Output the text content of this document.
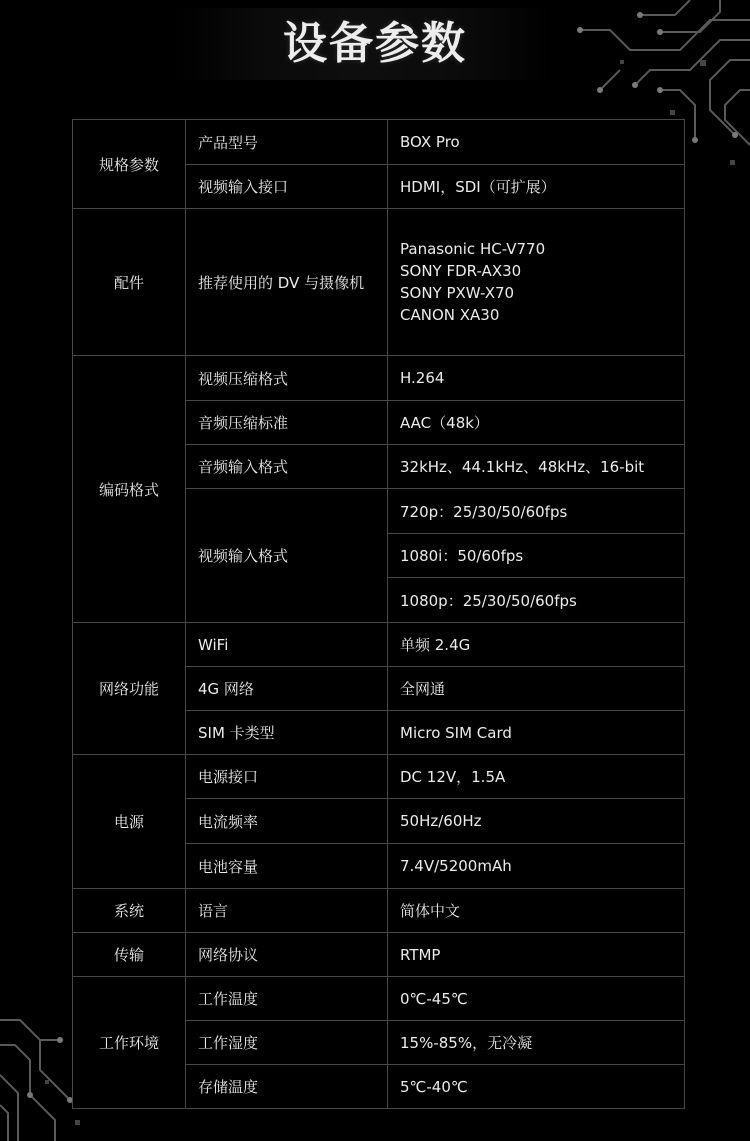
设备参数
规格参数	产品型号	BOX Pro
	视频输入接口	HDMI，SDI（可扩展）
配件	推荐使用的 DV 与摄像机	Panasonic HC-V770
SONY FDR-AX30
SONY PXW-X70
CANON XA30

编码格式	视频压缩格式	H.264
	音频压缩标准	AAC（48k）
	音频输入格式	32kHz、44.1kHz、48kHz、16-bit
	视频输入格式	720p：25/30/50/60fps
		1080i：50/60fps
		1080p：25/30/50/60fps
网络功能	WiFi	单频 2.4G
	4G 网络	全网通
	SIM 卡类型	Micro SIM Card
电源	电源接口	DC 12V，1.5A
	电流频率	50Hz/60Hz
	电池容量	7.4V/5200mAh
系统	语言	简体中文
传输	网络协议	RTMP
工作环境	工作温度	0℃-45℃
	工作湿度	15%-85%，无冷凝
	存储温度	5℃-40℃
